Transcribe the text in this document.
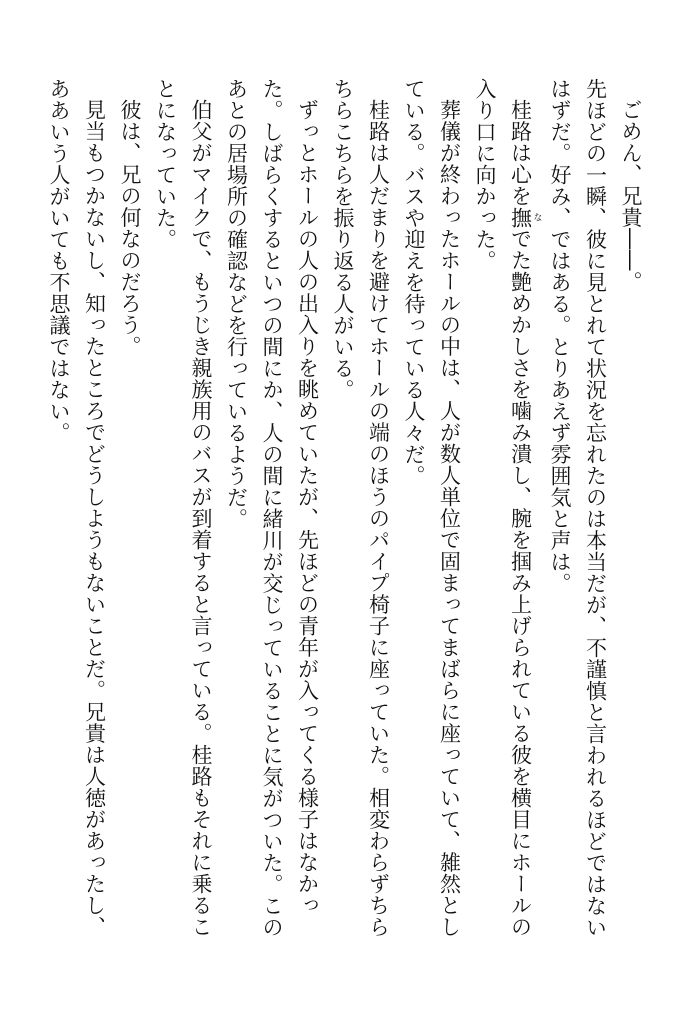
ごめん、兄貴――。

先ほどの一瞬、彼に見とれて状況を忘れたのは本当だが、不謹慎と言われるほどではないはずだ。好み、ではある。とりあえず雰囲気と声は。

桂路は心を撫 なでた艶めかしさを噛み潰し、腕を掴み上げられている彼を横目にホールの入り口に向かった。

葬儀が終わったホールの中は、人が数人単位で固まってまばらに座っていて、雑然としている。バスや迎えを待っている人々だ。

桂路は人だまりを避けてホールの端のほうのパイプ椅子に座っていた。相変わらずちらちらこちらを振り返る人がいる。

ずっとホールの人の出入りを眺めていたが、先ほどの青年が入ってくる様子はなかった。しばらくするといつの間にか、人の間に緒川が交じっていることに気がついた。このあとの居場所の確認などを行っているようだ。

伯父がマイクで、もうじき親族用のバスが到着すると言っている。桂路もそれに乗ることになっていた。

彼は、兄の何なのだろう。

見当もつかないし、知ったところでどうしようもないことだ。兄貴は人徳があったし、ああいう人がいても不思議ではない。
